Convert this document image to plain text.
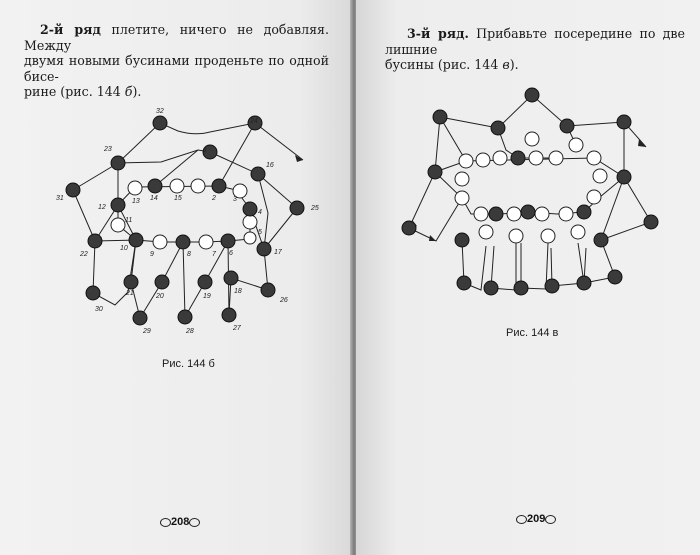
2-й ряд плетите, ничего не добавляя. Между
двумя новыми бусинами проденьте по одной бисе-
рине (рис. 144 б).
32
24
23	1
16
31
12
13 14 15	2 3
25
11
4
5
22
10
9	8	7 6	17
21	20	19
18
26
30
29	28	27
Рис. 144 б
208
3-й ряд. Прибавьте посередине по две лишние
бусины (рис. 144 в).
Рис. 144 в
209
